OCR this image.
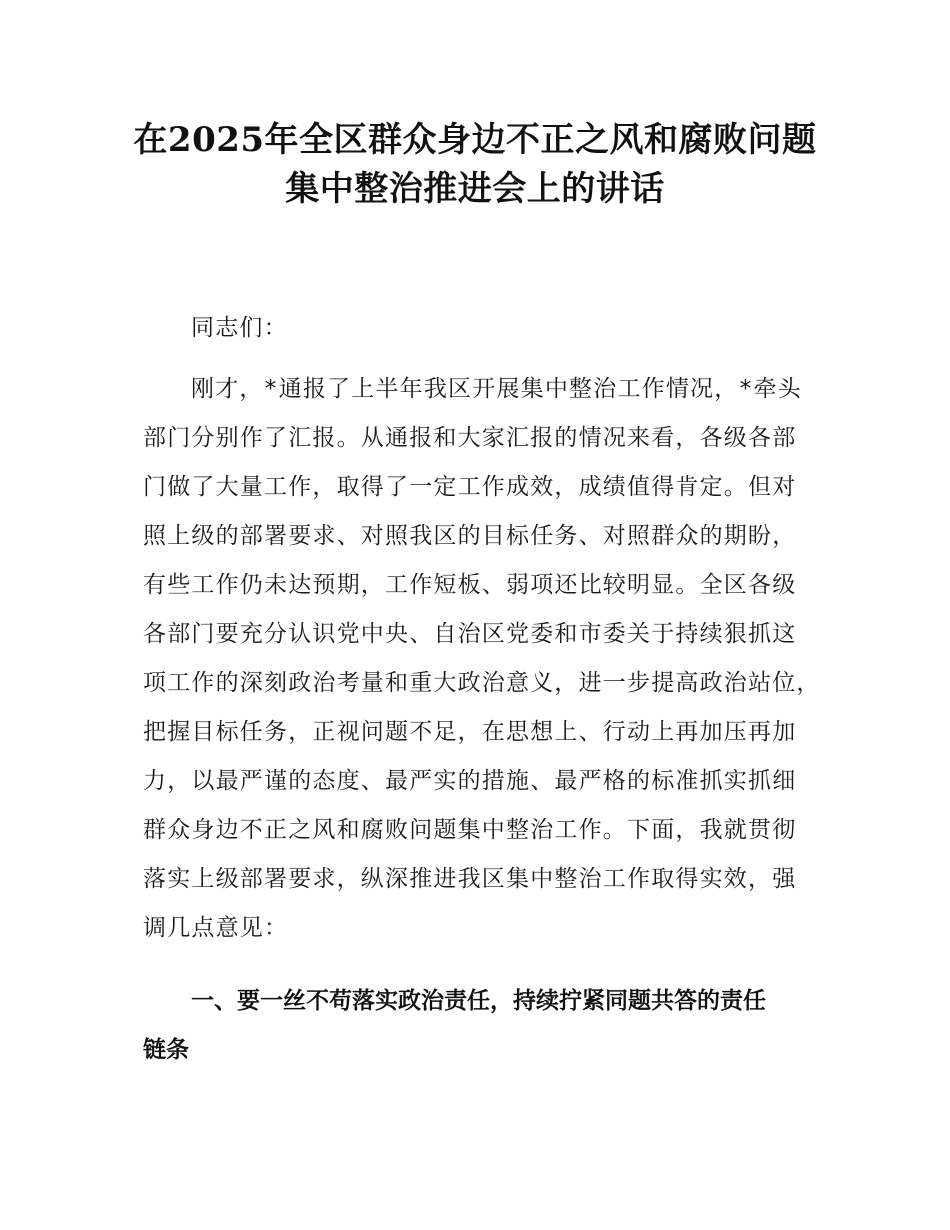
在2025年全区群众身边不正之风和腐败问题
集中整治推进会上的讲话
同志们：
刚才，*通报了上半年我区开展集中整治工作情况，*牵头
部门分别作了汇报。从通报和大家汇报的情况来看，各级各部
门做了大量工作，取得了一定工作成效，成绩值得肯定。但对
照上级的部署要求、对照我区的目标任务、对照群众的期盼，
有些工作仍未达预期，工作短板、弱项还比较明显。全区各级
各部门要充分认识党中央、自治区党委和市委关于持续狠抓这
项工作的深刻政治考量和重大政治意义，进一步提高政治站位，
把握目标任务，正视问题不足，在思想上、行动上再加压再加
力，以最严谨的态度、最严实的措施、最严格的标准抓实抓细
群众身边不正之风和腐败问题集中整治工作。下面，我就贯彻
落实上级部署要求，纵深推进我区集中整治工作取得实效，强
调几点意见：
一、要一丝不苟落实政治责任，持续拧紧同题共答的责任
链条
